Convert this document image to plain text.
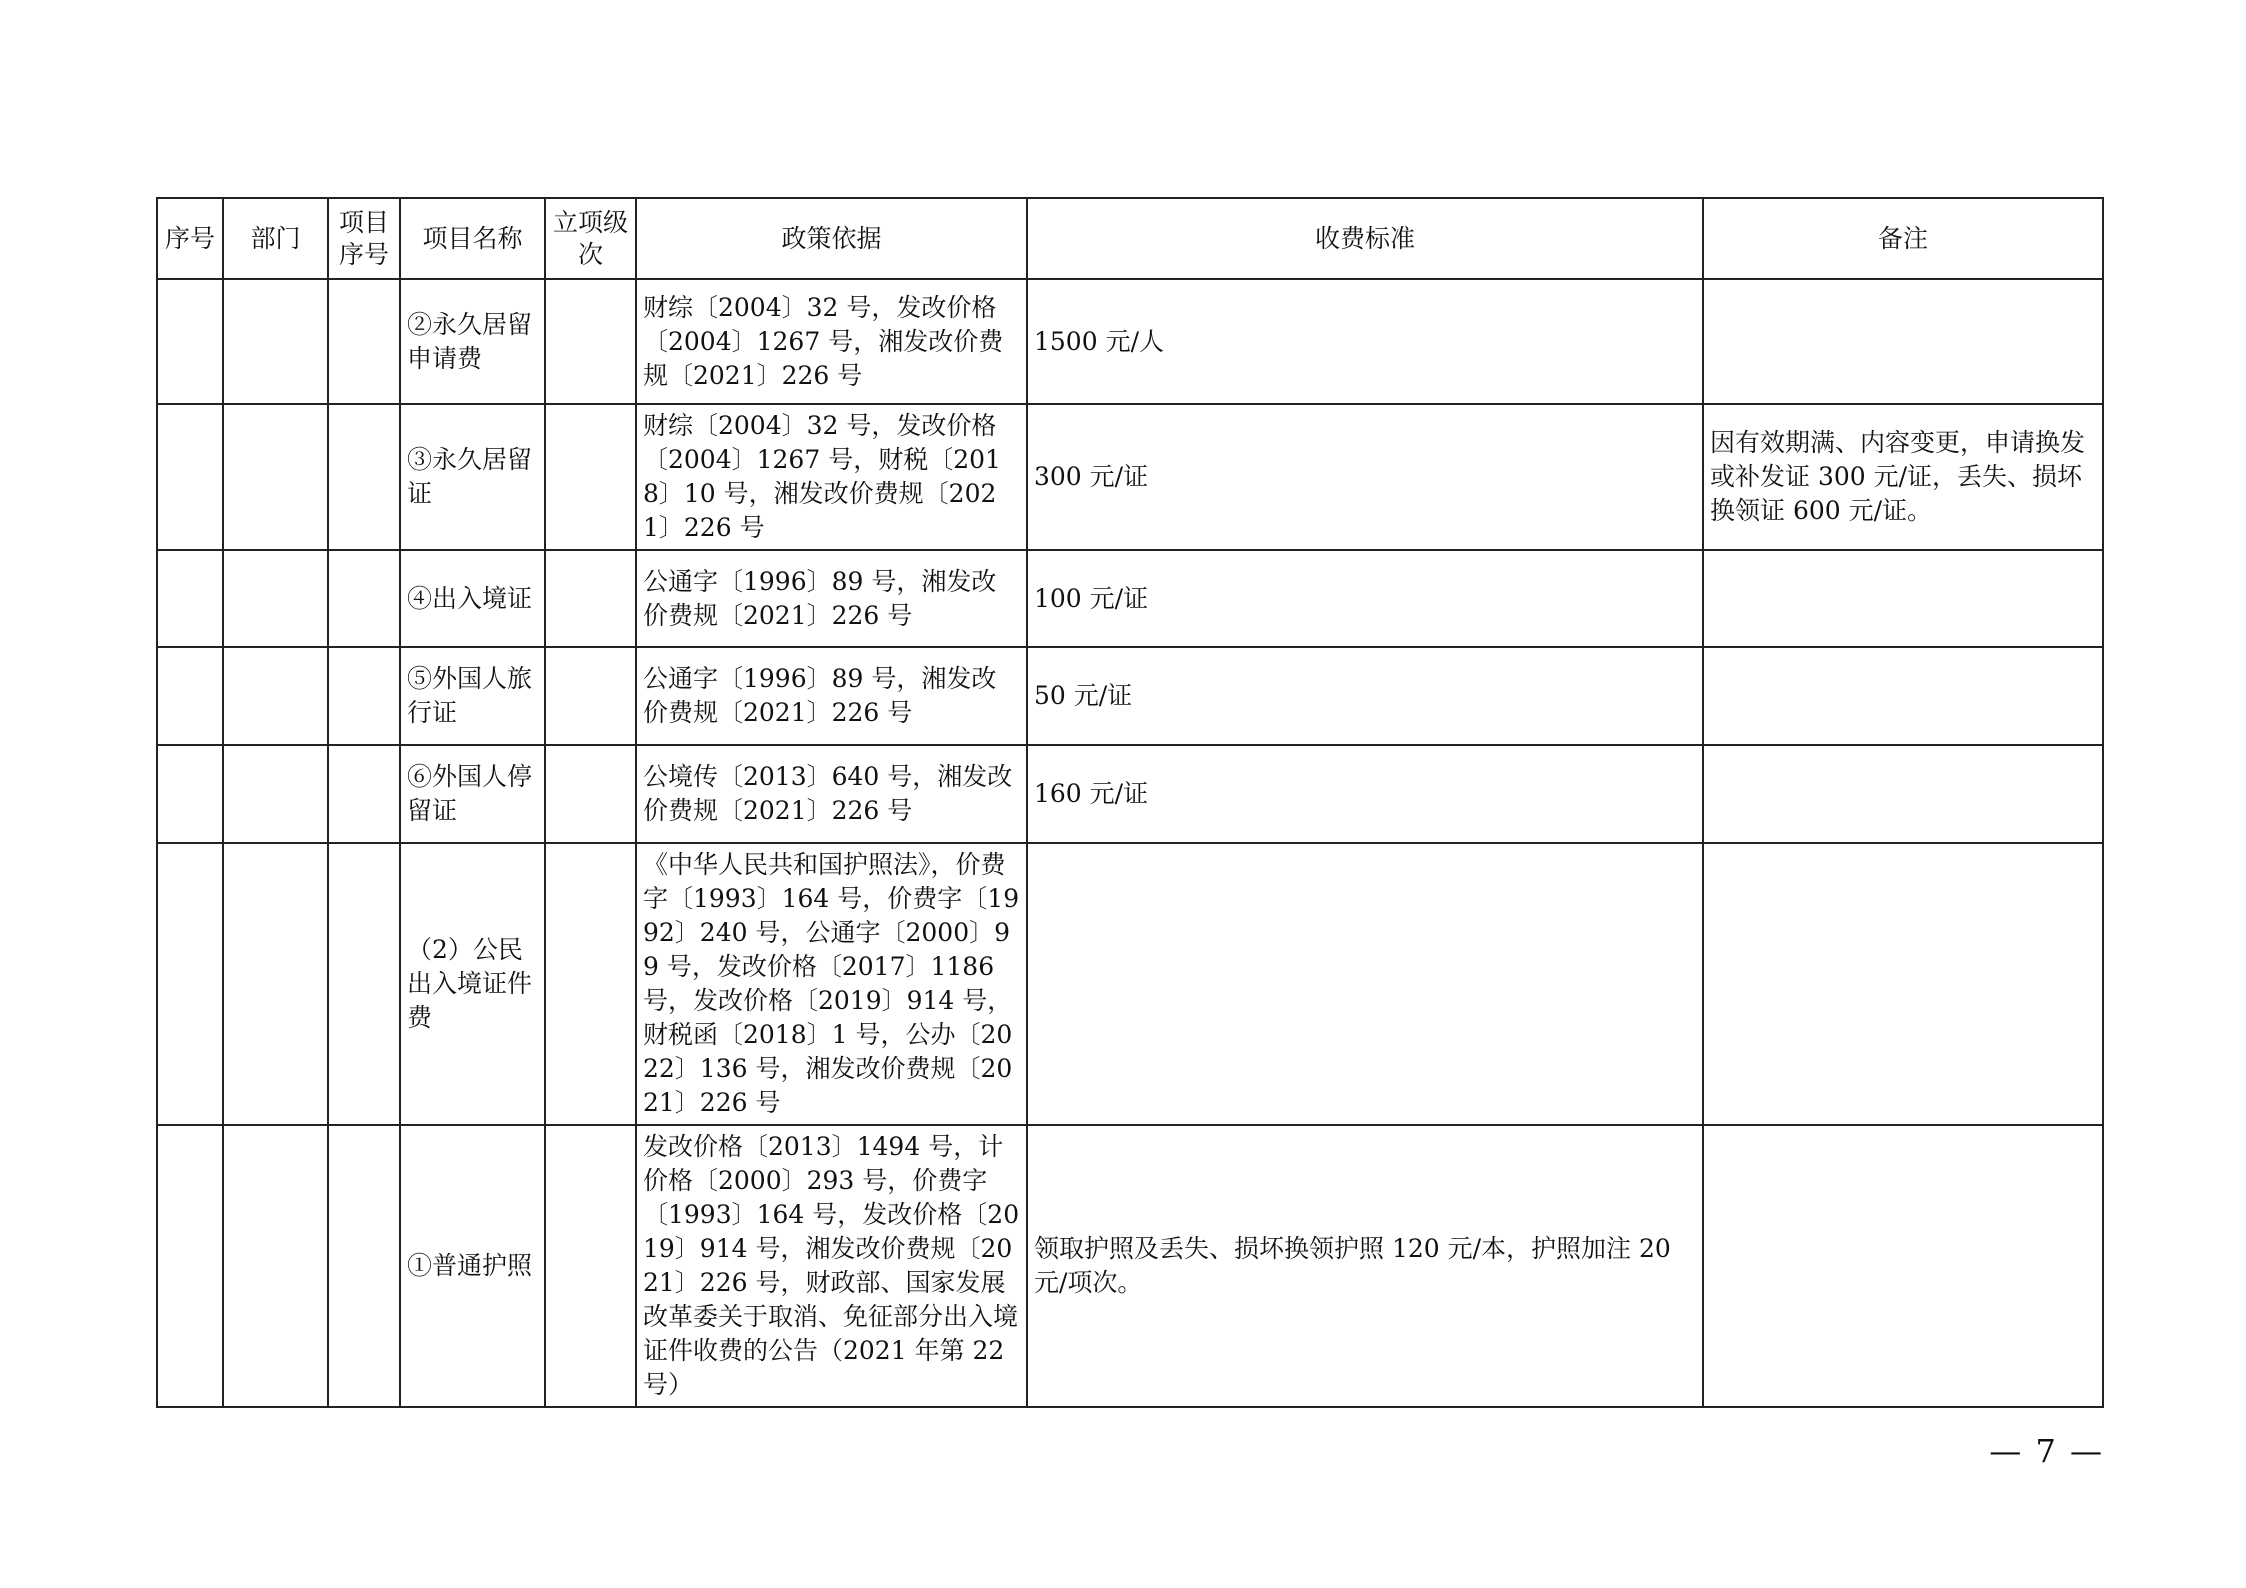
序号	部门	项目序号	项目名称	立项级次	政策依据	收费标准	备注
			②永久居留申请费		财综〔2004〕32 号，发改价格〔2004〕1267 号，湘发改价费规〔2021〕226 号	1500 元/人	
			③永久居留证		财综〔2004〕32 号，发改价格〔2004〕1267 号，财税〔2018〕10 号，湘发改价费规〔2021〕226 号	300 元/证	因有效期满、内容变更，申请换发或补发证 300 元/证，丢失、损坏换领证 600 元/证。
			④出入境证		公通字〔1996〕89 号，湘发改价费规〔2021〕226 号	100 元/证	
			⑤外国人旅行证		公通字〔1996〕89 号，湘发改价费规〔2021〕226 号	50 元/证	
			⑥外国人停留证		公境传〔2013〕640 号，湘发改价费规〔2021〕226 号	160 元/证	
			（2）公民出入境证件费		《中华人民共和国护照法》，价费字〔1993〕164 号，价费字〔1992〕240 号，公通字〔2000〕99 号，发改价格〔2017〕1186 号，发改价格〔2019〕914 号，财税函〔2018〕1 号，公办〔2022〕136 号，湘发改价费规〔2021〕226 号		
			①普通护照		发改价格〔2013〕1494 号，计价格〔2000〕293 号，价费字〔1993〕164 号，发改价格〔2019〕914 号，湘发改价费规〔2021〕226 号，财政部、国家发展改革委关于取消、免征部分出入境证件收费的公告（2021 年第 22 号）	领取护照及丢失、损坏换领护照 120 元/本，护照加注 20 元/项次。	
— 7 —
